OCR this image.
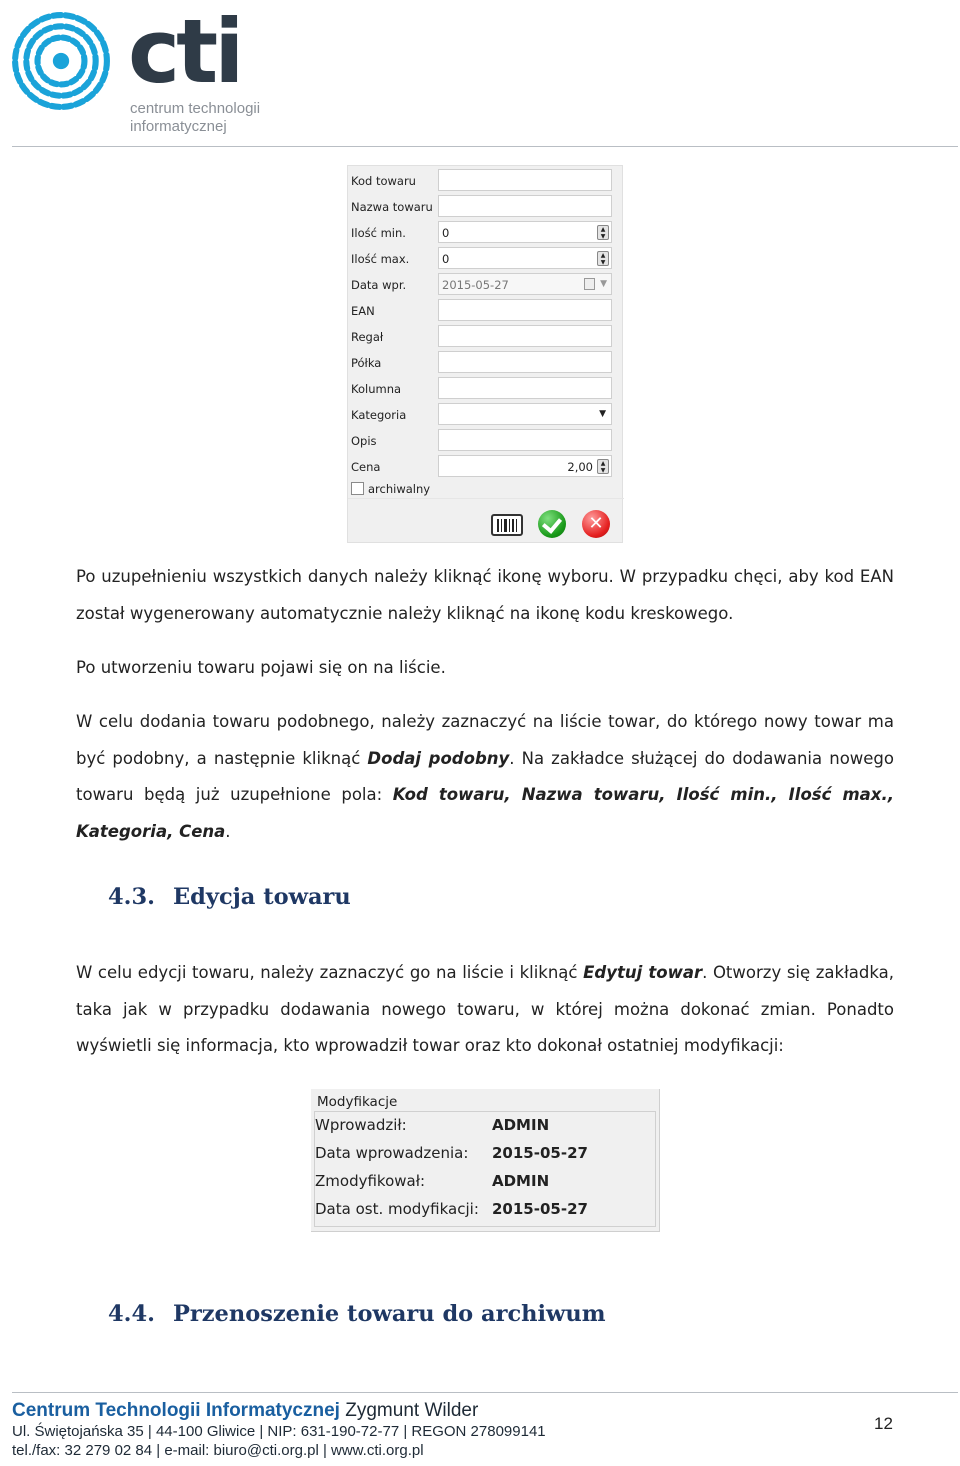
cti
centrum technologii
informatycznej
Kod towaru
Nazwa towaru
Ilość min.	0	▲
▼
Ilość max.	0	▲
▼
Data wpr.	2015-05-27	▼
EAN
Regał
Półka
Kolumna
Kategoria	▼
Opis
Cena	2,00	▲
▼
archiwalny
✕

Po uzupełnieniu wszystkich danych należy kliknąć ikonę wyboru. W przypadku chęci, aby kod EAN został wygenerowany automatycznie należy kliknąć na ikonę kodu kreskowego.

Po utworzeniu towaru pojawi się on na liście.

W celu dodania towaru podobnego, należy zaznaczyć na liście towar, do którego nowy towar ma być podobny, a następnie kliknąć Dodaj podobny. Na zakładce służącej do dodawania nowego towaru będą już uzupełnione pola: Kod towaru, Nazwa towaru, Ilość min., Ilość max., Kategoria, Cena.

4.3. Edycja towaru

W celu edycji towaru, należy zaznaczyć go na liście i kliknąć Edytuj towar. Otworzy się zakładka, taka jak w przypadku dodawania nowego towaru, w której można dokonać zmian. Ponadto wyświetli się informacja, kto wprowadził towar oraz kto dokonał ostatniej modyfikacji:

Modyfikacje
Wprowadził:	ADMIN
Data wprowadzenia: 2015-05-27
Zmodyfikował:	ADMIN
Data ost. modyfikacji: 2015-05-27
4.4. Przenoszenie towaru do archiwum
Centrum Technologii Informatycznej Zygmunt Wilder
Ul. Świętojańska 35 | 44-100 Gliwice | NIP: 631-190-72-77 | REGON 278099141
tel./fax: 32 279 02 84 | e-mail: biuro@cti.org.pl | www.cti.org.pl
12
